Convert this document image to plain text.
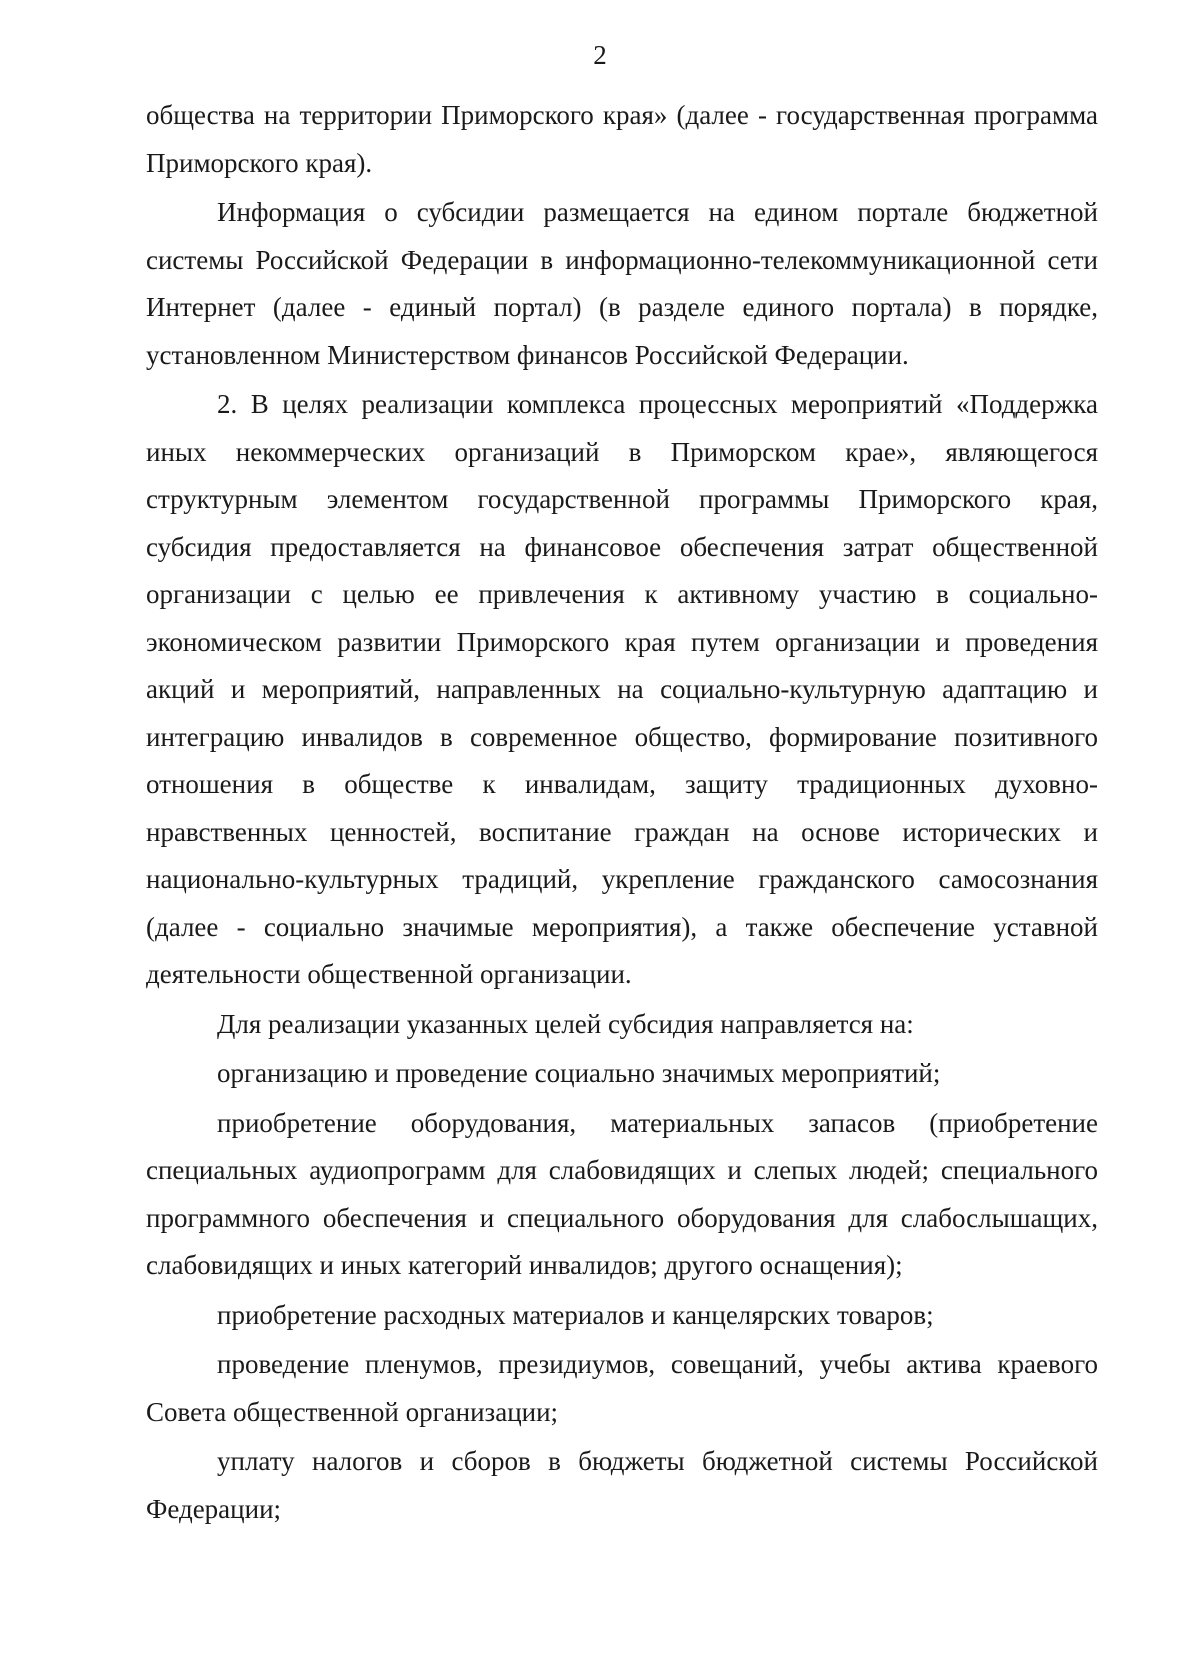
2

общества на территории Приморского края» (далее - государственная программа Приморского края).

Информация о субсидии размещается на едином портале бюджетной системы Российской Федерации в информационно-телекоммуникационной сети Интернет (далее - единый портал) (в разделе единого портала) в порядке, установленном Министерством финансов Российской Федерации.

2. В целях реализации комплекса процессных мероприятий «Поддержка иных некоммерческих организаций в Приморском крае», являющегося структурным элементом государственной программы Приморского края, субсидия предоставляется на финансовое обеспечения затрат общественной организации с целью ее привлечения к активному участию в социально-экономическом развитии Приморского края путем организации и проведения акций и мероприятий, направленных на социально-культурную адаптацию и интеграцию инвалидов в современное общество, формирование позитивного отношения в обществе к инвалидам, защиту традиционных духовно-нравственных ценностей, воспитание граждан на основе исторических и национально-культурных традиций, укрепление гражданского самосознания (далее - социально значимые мероприятия), а также обеспечение уставной деятельности общественной организации.

Для реализации указанных целей субсидия направляется на:

организацию и проведение социально значимых мероприятий;

приобретение оборудования, материальных запасов (приобретение специальных аудиопрограмм для слабовидящих и слепых людей; специального программного обеспечения и специального оборудования для слабослышащих, слабовидящих и иных категорий инвалидов; другого оснащения);

приобретение расходных материалов и канцелярских товаров;

проведение пленумов, президиумов, совещаний, учебы актива краевого Совета общественной организации;

уплату налогов и сборов в бюджеты бюджетной системы Российской Федерации;
